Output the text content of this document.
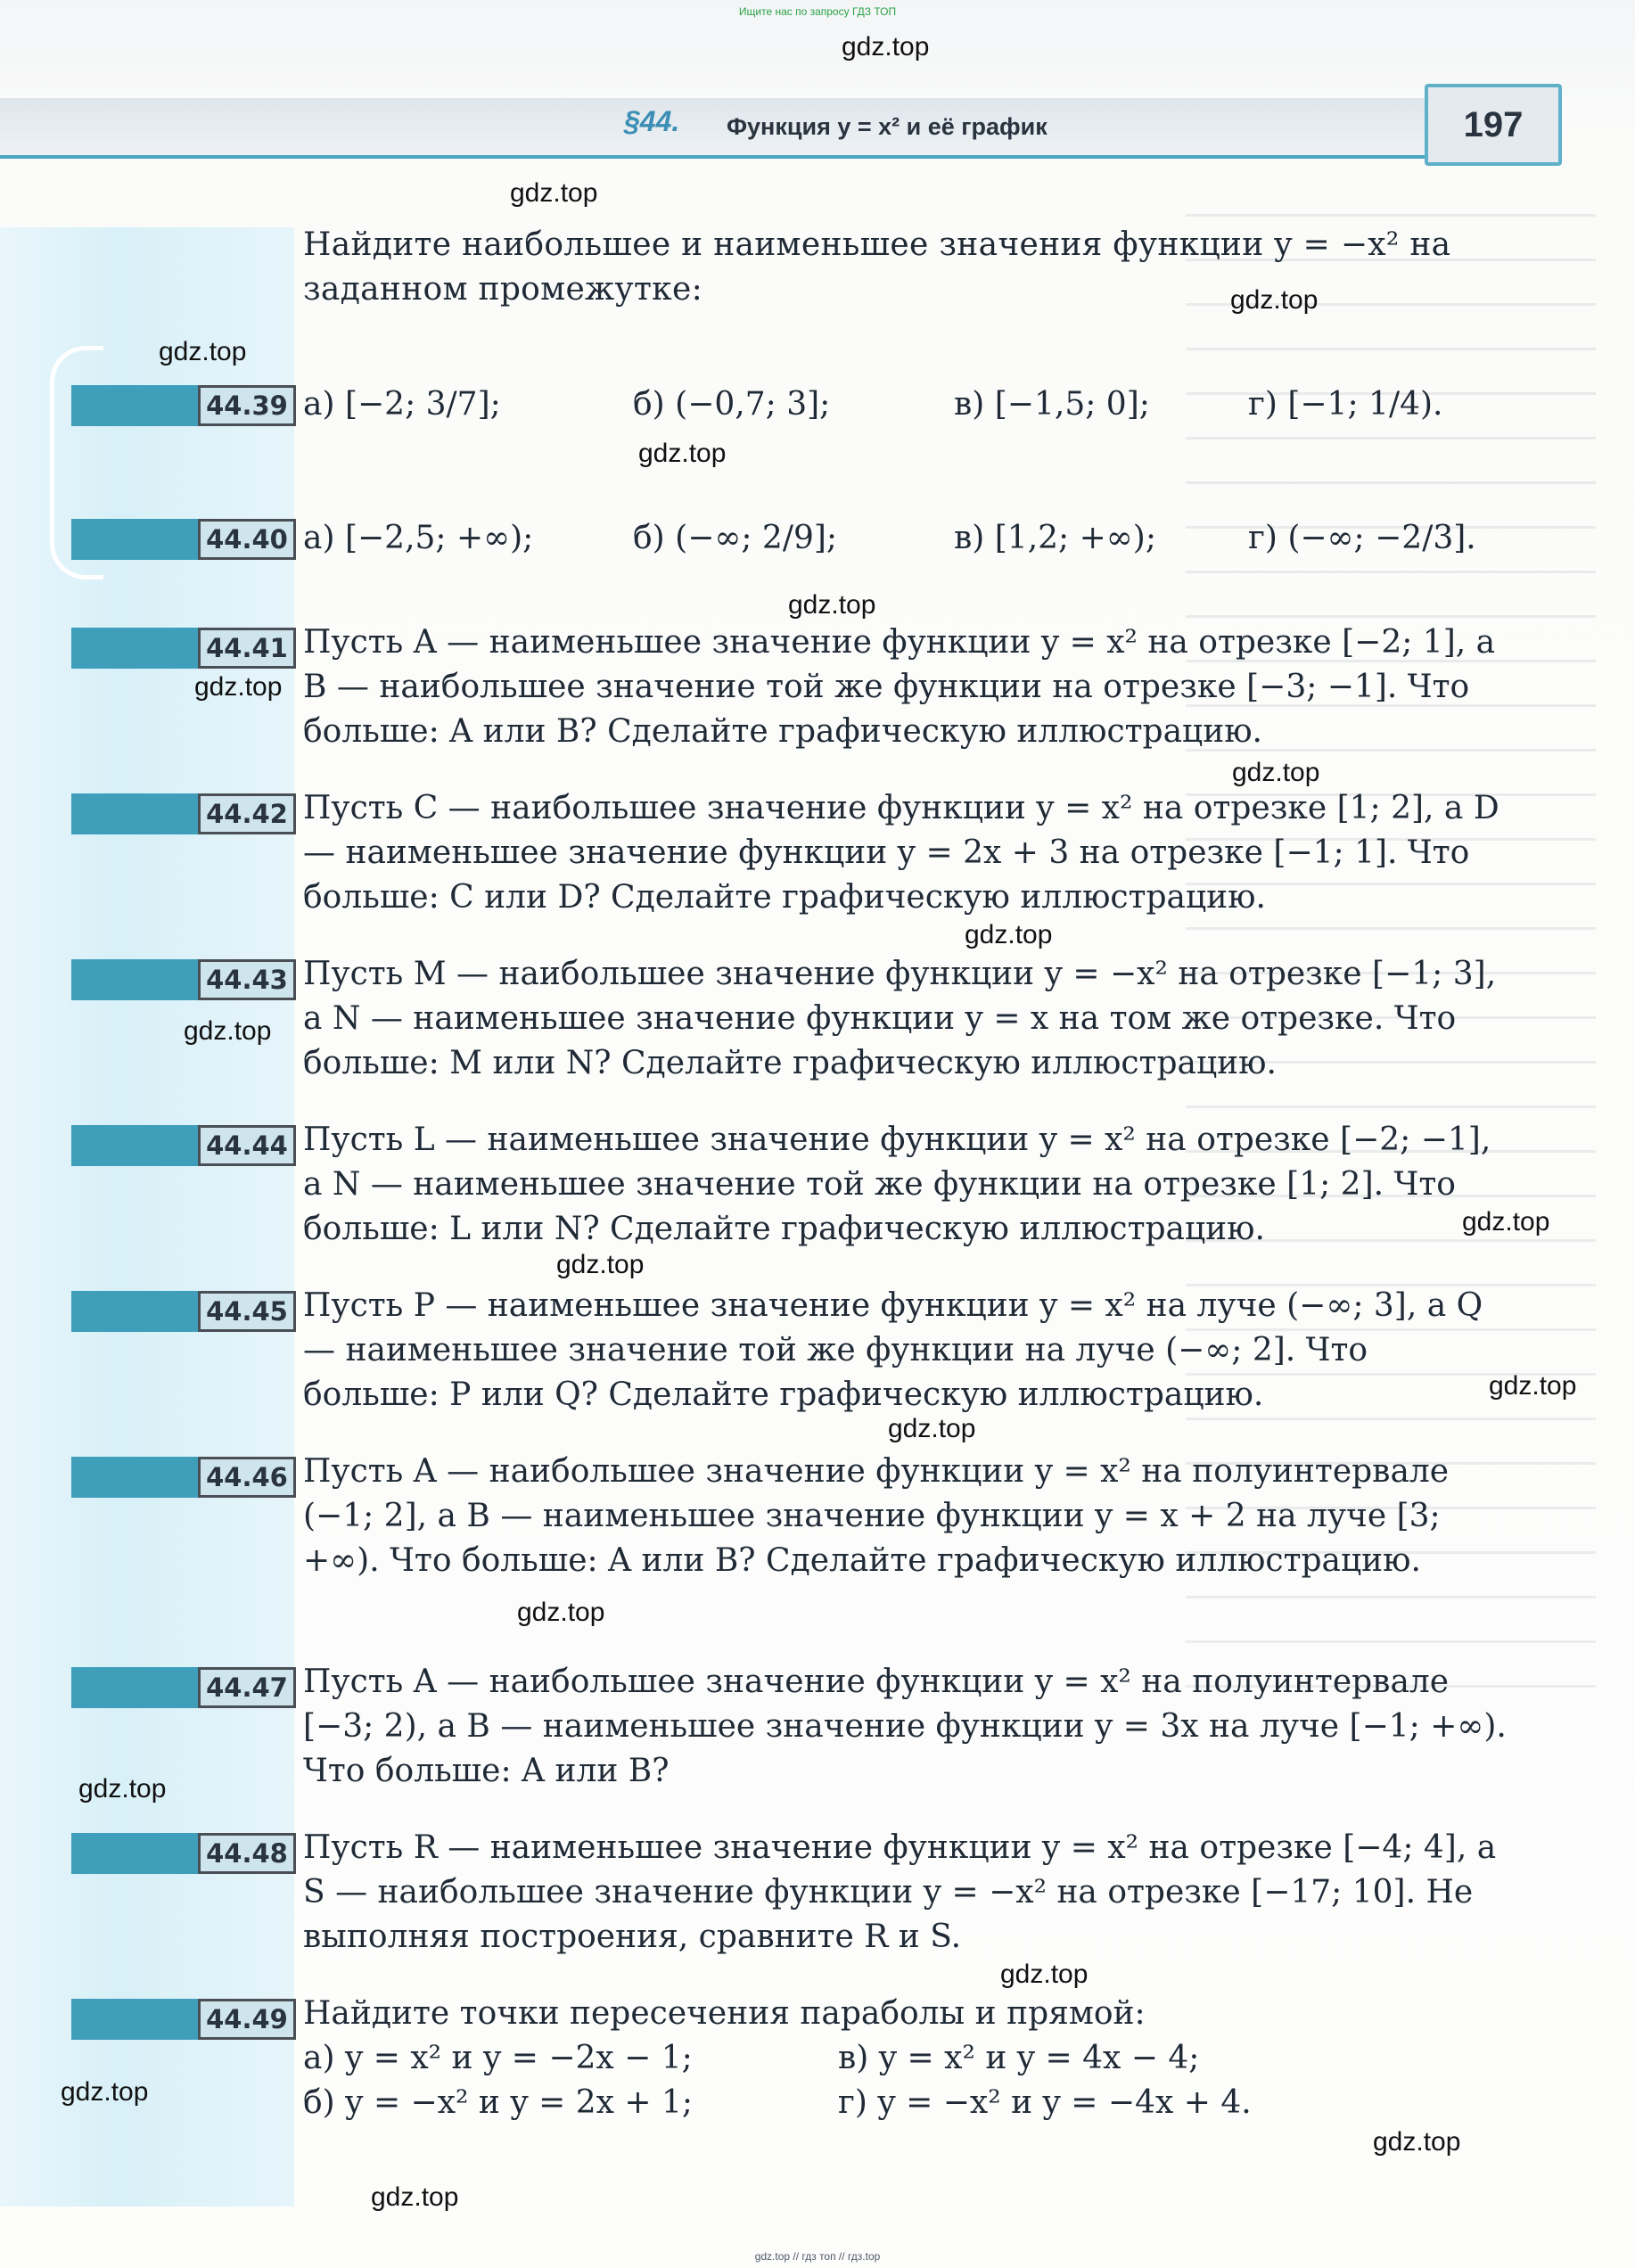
Ищите нас по запросу ГДЗ ТОП
§44. Функция y = x² и её график	197
Найдите наибольшее и наименьшее значения функции y = −x² на заданном промежутке:
44.39 а) [−2; 3/7];	б) (−0,7; 3];	в) [−1,5; 0];	г) [−1; 1/4).
44.40 а) [−2,5; +∞);	б) (−∞; 2/9];	в) [1,2; +∞);	г) (−∞; −2/3].
44.41 Пусть A — наименьшее значение функции y = x² на отрезке [−2; 1], а B — наибольшее значение той же функции на отрезке [−3; −1]. Что больше: A или B? Сделайте графическую иллюстрацию.
44.42 Пусть C — наибольшее значение функции y = x² на отрезке [1; 2], а D — наименьшее значение функции y = 2x + 3 на отрезке [−1; 1]. Что больше: C или D? Сделайте графическую иллюстрацию.
44.43 Пусть M — наибольшее значение функции y = −x² на отрезке [−1; 3], а N — наименьшее значение функции y = x на том же отрезке. Что больше: M или N? Сделайте графическую иллюстрацию.
44.44 Пусть L — наименьшее значение функции y = x² на отрезке [−2; −1], а N — наименьшее значение той же функции на отрезке [1; 2]. Что больше: L или N? Сделайте графическую иллюстрацию.
44.45 Пусть P — наименьшее значение функции y = x² на луче (−∞; 3], а Q — наименьшее значение той же функции на луче (−∞; 2]. Что больше: P или Q? Сделайте графическую иллюстрацию.
44.46 Пусть A — наибольшее значение функции y = x² на полуинтервале (−1; 2], а B — наименьшее значение функции y = x + 2 на луче [3; +∞). Что больше: A или B? Сделайте графическую иллюстрацию.
44.47 Пусть A — наибольшее значение функции y = x² на полуинтервале [−3; 2), а B — наименьшее значение функции y = 3x на луче [−1; +∞). Что больше: A или B?
44.48 Пусть R — наименьшее значение функции y = x² на отрезке [−4; 4], а S — наибольшее значение функции y = −x² на отрезке [−17; 10]. Не выполняя построения, сравните R и S.
44.49 Найдите точки пересечения параболы и прямой:
а) y = x² и y = −2x − 1;	в) y = x² и y = 4x − 4;
б) y = −x² и y = 2x + 1;	г) y = −x² и y = −4x + 4.
gdz.top
gdz.top
gdz.top
gdz.top
gdz.top
gdz.top
gdz.top
gdz.top
gdz.top
gdz.top
gdz.top
gdz.top
gdz.top
gdz.top
gdz.top
gdz.top
gdz.top
gdz.top
gdz.top
gdz.top
gdz.top // гдз топ // гдз.top
